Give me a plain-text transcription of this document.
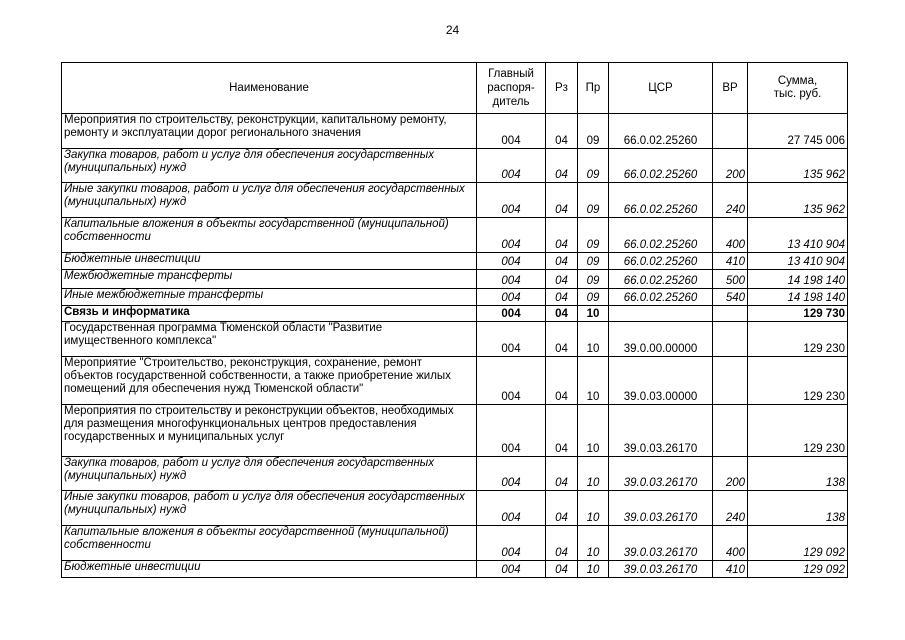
24
Наименование	Главный
распоря-
дитель	Рз	Пр	ЦСР	ВР	Сумма,
тыс. руб.
Мероприятия по строительству, реконструкции, капитальному ремонту, ремонту и эксплуатации дорог регионального значения	004	04	09	66.0.02.25260		27 745 006
Закупка товаров, работ и услуг для обеспечения государственных (муниципальных) нужд	004	04	09	66.0.02.25260	200	135 962
Иные закупки товаров, работ и услуг для обеспечения государственных (муниципальных) нужд	004	04	09	66.0.02.25260	240	135 962
Капитальные вложения в объекты государственной (муниципальной) собственности	004	04	09	66.0.02.25260	400	13 410 904
Бюджетные инвестиции	004	04	09	66.0.02.25260	410	13 410 904
Межбюджетные трансферты	004	04	09	66.0.02.25260	500	14 198 140
Иные межбюджетные трансферты	004	04	09	66.0.02.25260	540	14 198 140
Связь и информатика	004	04	10			129 730
Государственная программа Тюменской области "Развитие имущественного комплекса"	004	04	10	39.0.00.00000		129 230
Мероприятие "Строительство, реконструкция, сохранение, ремонт объектов государственной собственности, а также приобретение жилых помещений для обеспечения нужд Тюменской области"	004	04	10	39.0.03.00000		129 230
Мероприятия по строительству и реконструкции объектов, необходимых для размещения многофункциональных центров предоставления государственных и муниципальных услуг	004	04	10	39.0.03.26170		129 230
Закупка товаров, работ и услуг для обеспечения государственных (муниципальных) нужд	004	04	10	39.0.03.26170	200	138
Иные закупки товаров, работ и услуг для обеспечения государственных (муниципальных) нужд	004	04	10	39.0.03.26170	240	138
Капитальные вложения в объекты государственной (муниципальной) собственности	004	04	10	39.0.03.26170	400	129 092
Бюджетные инвестиции	004	04	10	39.0.03.26170	410	129 092
